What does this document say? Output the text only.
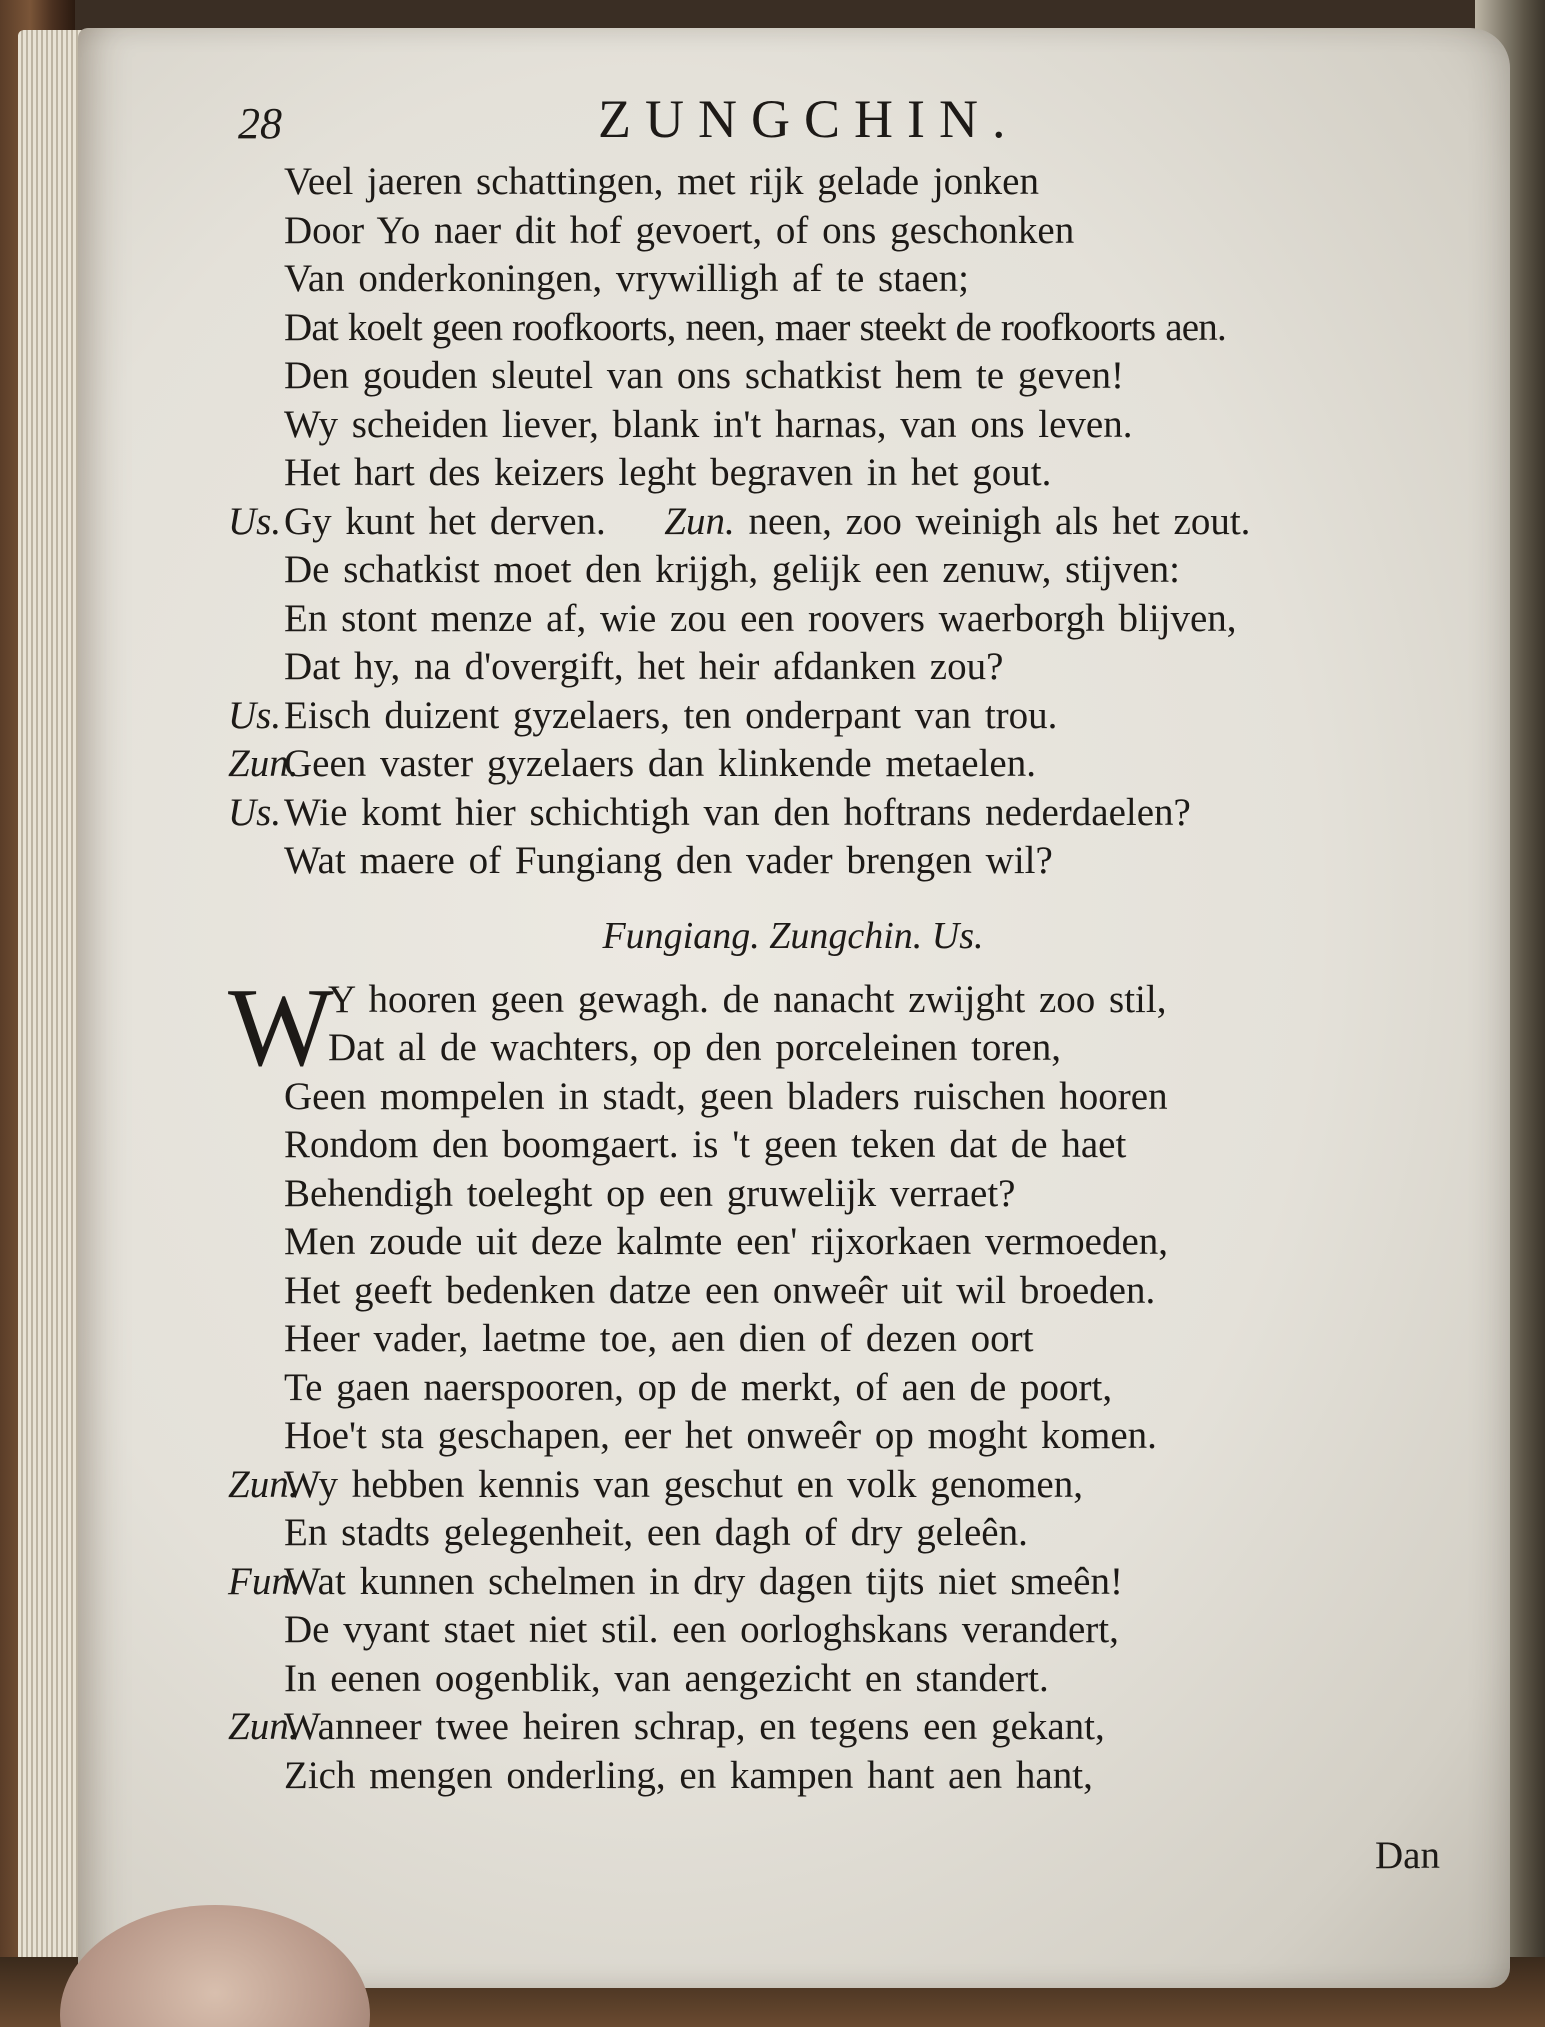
28	ZUNGCHIN.
Veel jaeren schattingen, met rijk gelade jonken
Door Yo naer dit hof gevoert, of ons geschonken
Van onderkoningen, vrywilligh af te staen;
Dat koelt geen roofkoorts, neen, maer steekt de roofkoorts aen.
Den gouden sleutel van ons schatkist hem te geven!
Wy scheiden liever, blank in't harnas, van ons leven.
Het hart des keizers leght begraven in het gout.
Us. Gy kunt het derven.   Zun. neen, zoo weinigh als het zout.
De schatkist moet den krijgh, gelijk een zenuw, stijven:
En stont menze af, wie zou een roovers waerborgh blijven,
Dat hy, na d'overgift, het heir afdanken zou?
Us. Eisch duizent gyzelaers, ten onderpant van trou.
Zun.
Geen vaster gyzelaers dan klinkende metaelen.
Us. Wie komt hier schichtigh van den hoftrans nederdaelen?
Wat maere of Fungiang den vader brengen wil?
Fungiang. Zungchin. Us.
W
Y hooren geen gewagh. de nanacht zwijght zoo stil,
Dat al de wachters, op den porceleinen toren,
Geen mompelen in stadt, geen bladers ruischen hooren
Rondom den boomgaert. is 't geen teken dat de haet
Behendigh toeleght op een gruwelijk verraet?
Men zoude uit deze kalmte een' rijxorkaen vermoeden,
Het geeft bedenken datze een onweêr uit wil broeden.
Heer vader, laetme toe, aen dien of dezen oort
Te gaen naerspooren, op de merkt, of aen de poort,
Hoe't sta geschapen, eer het onweêr op moght komen.
Zun.
Wy hebben kennis van geschut en volk genomen,
En stadts gelegenheit, een dagh of dry geleên.
Fun.
Wat kunnen schelmen in dry dagen tijts niet smeên!
De vyant staet niet stil. een oorloghskans verandert,
In eenen oogenblik, van aengezicht en standert.
Zun.
Wanneer twee heiren schrap, en tegens een gekant,
Zich mengen onderling, en kampen hant aen hant,
Dan
